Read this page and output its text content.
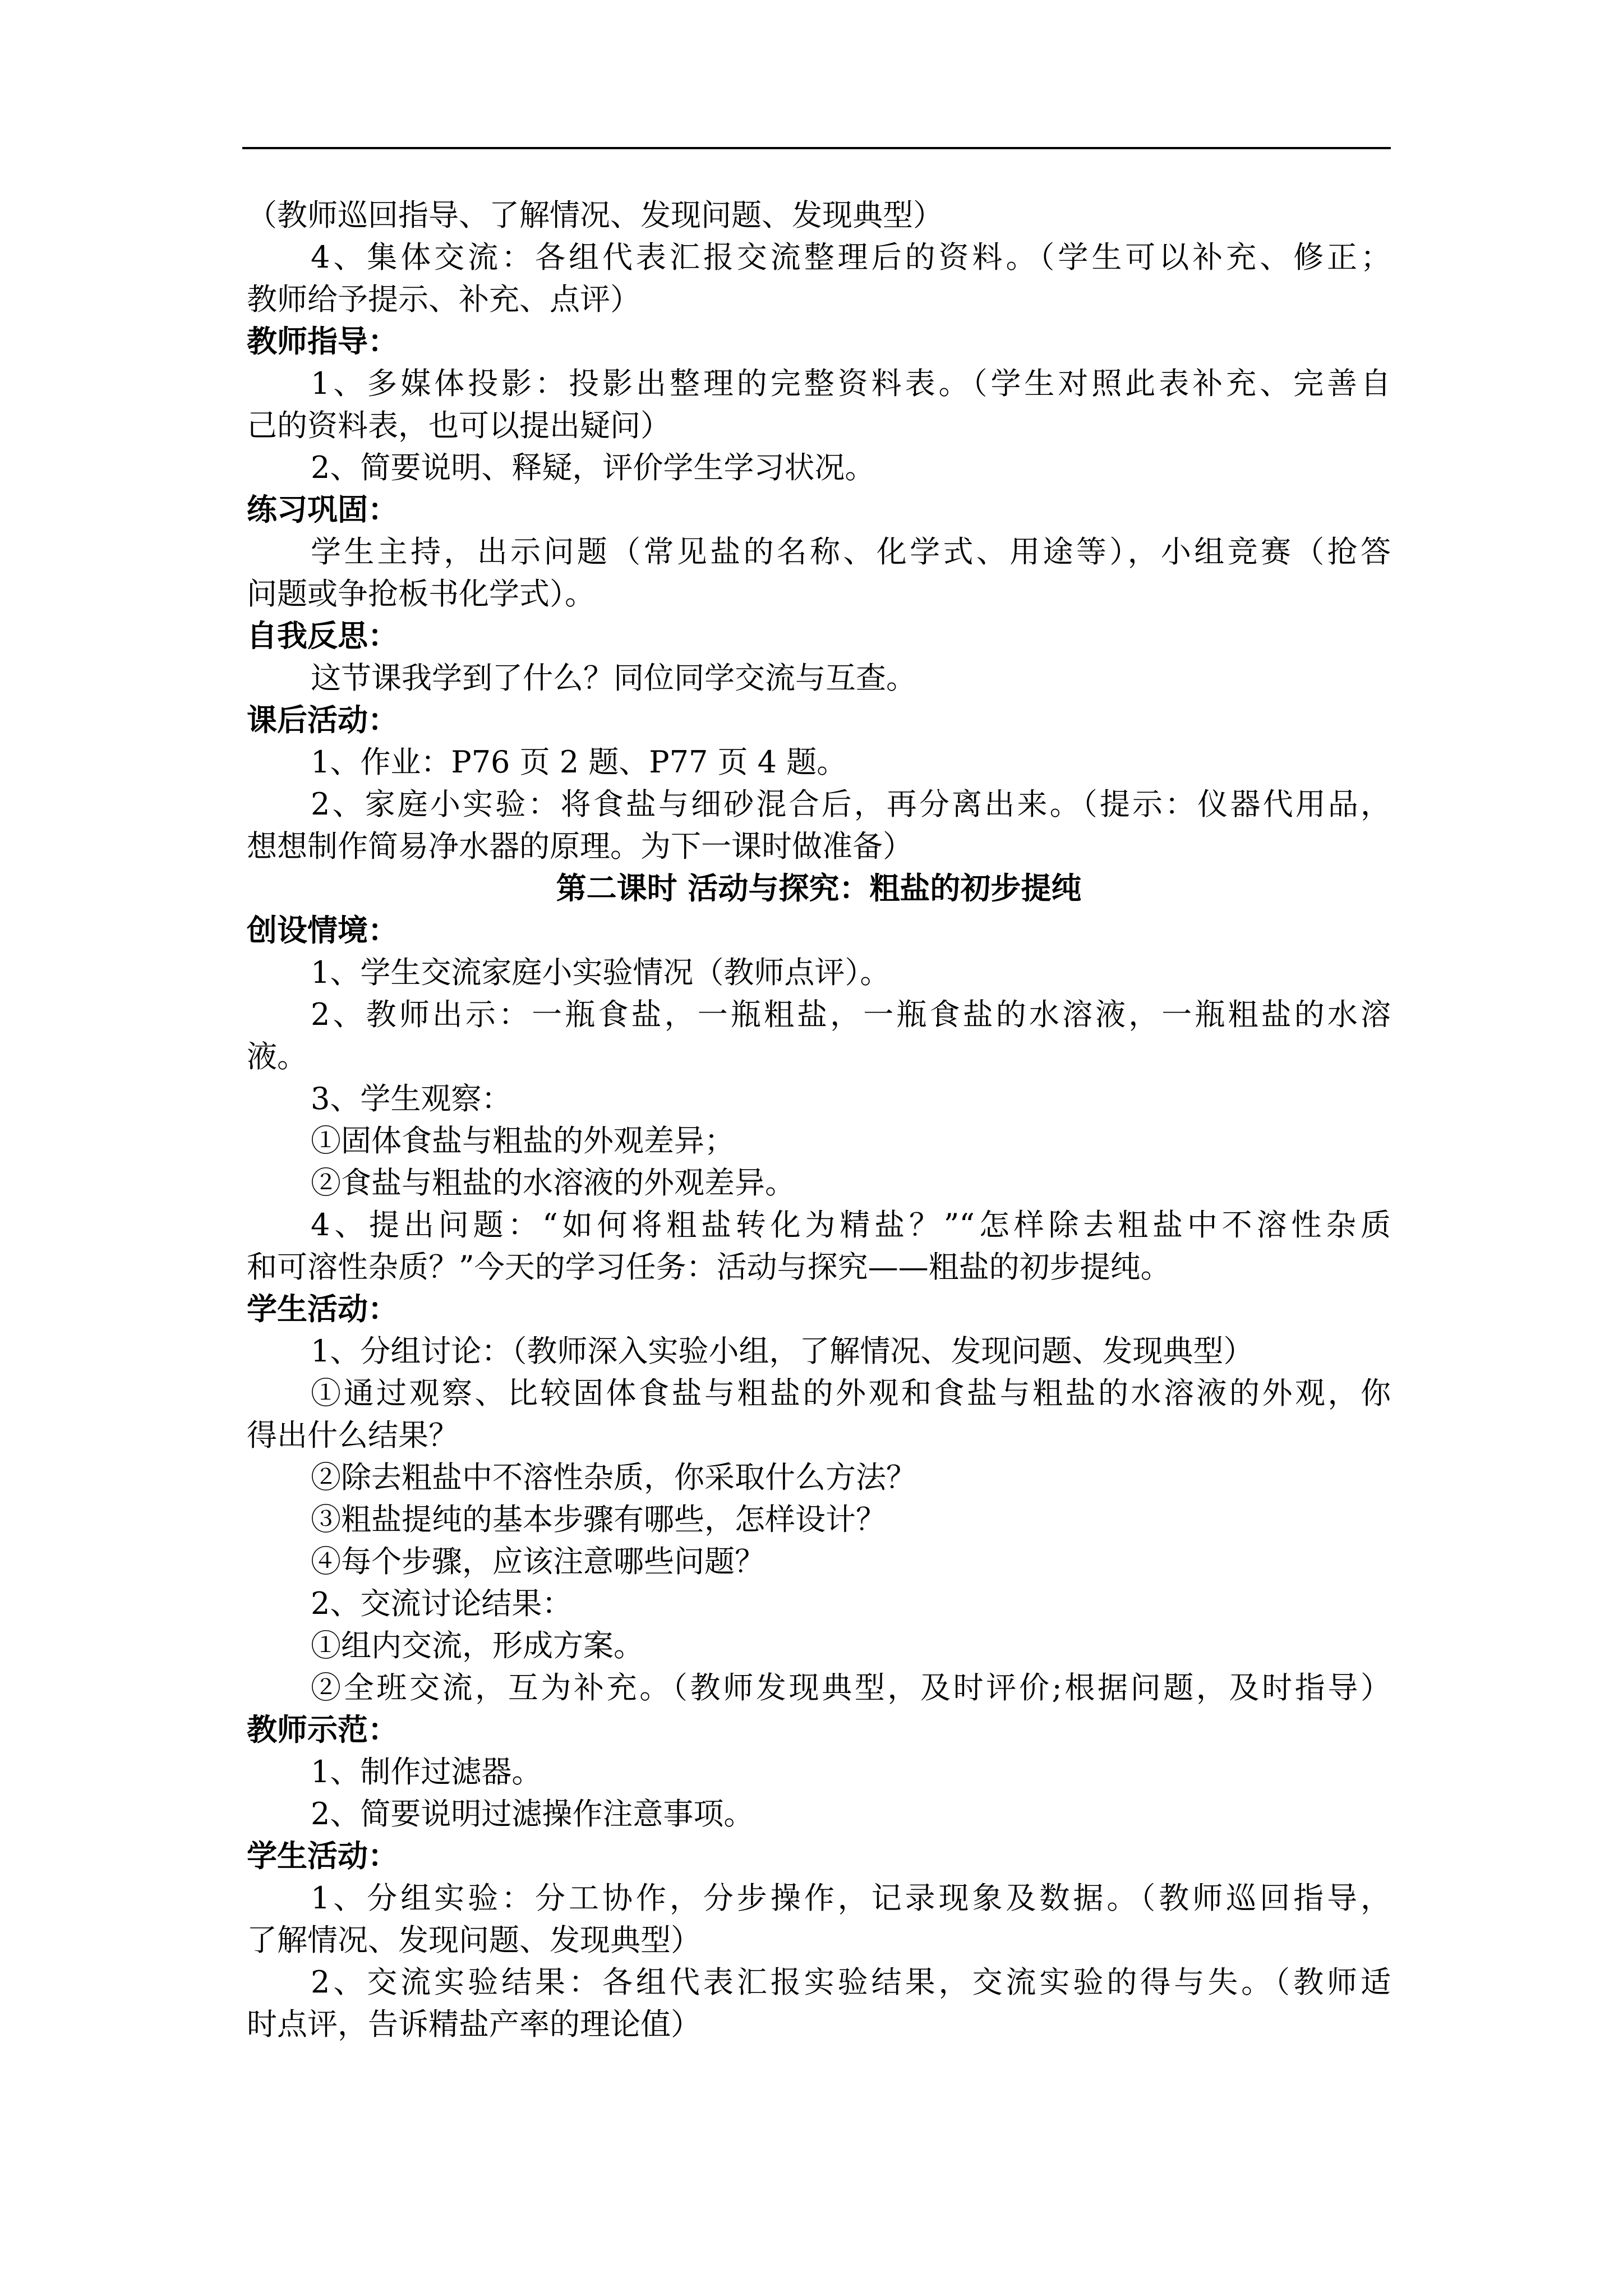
（教师巡回指导、了解情况、发现问题、发现典型）
4、集体交流：各组代表汇报交流整理后的资料。（学生可以补充、修正；
教师给予提示、补充、点评）
教师指导：
1、多媒体投影：投影出整理的完整资料表。（学生对照此表补充、完善自
己的资料表，也可以提出疑问）
2、简要说明、释疑，评价学生学习状况。
练习巩固：
学生主持，出示问题（常见盐的名称、化学式、用途等），小组竞赛（抢答
问题或争抢板书化学式）。
自我反思：
这节课我学到了什么？同位同学交流与互查。
课后活动：
1、作业：P76 页 2 题、P77 页 4 题。
2、家庭小实验：将食盐与细砂混合后，再分离出来。（提示：仪器代用品，
想想制作简易净水器的原理。为下一课时做准备）
第二课时 活动与探究：粗盐的初步提纯
创设情境：
1、学生交流家庭小实验情况（教师点评）。
2、教师出示：一瓶食盐，一瓶粗盐，一瓶食盐的水溶液，一瓶粗盐的水溶
液。
3、学生观察：
①固体食盐与粗盐的外观差异；
②食盐与粗盐的水溶液的外观差异。
4、提出问题：“如何将粗盐转化为精盐？”“怎样除去粗盐中不溶性杂质
和可溶性杂质？”今天的学习任务：活动与探究——粗盐的初步提纯。
学生活动：
1、分组讨论：（教师深入实验小组，了解情况、发现问题、发现典型）
①通过观察、比较固体食盐与粗盐的外观和食盐与粗盐的水溶液的外观，你
得出什么结果？
②除去粗盐中不溶性杂质，你采取什么方法？
③粗盐提纯的基本步骤有哪些，怎样设计？
④每个步骤，应该注意哪些问题？
2、交流讨论结果：
①组内交流，形成方案。
②全班交流，互为补充。（教师发现典型，及时评价;根据问题，及时指导）
教师示范：
1、制作过滤器。
2、简要说明过滤操作注意事项。
学生活动：
1、分组实验：分工协作，分步操作，记录现象及数据。（教师巡回指导，
了解情况、发现问题、发现典型）
2、交流实验结果：各组代表汇报实验结果，交流实验的得与失。（教师适
时点评，告诉精盐产率的理论值）
